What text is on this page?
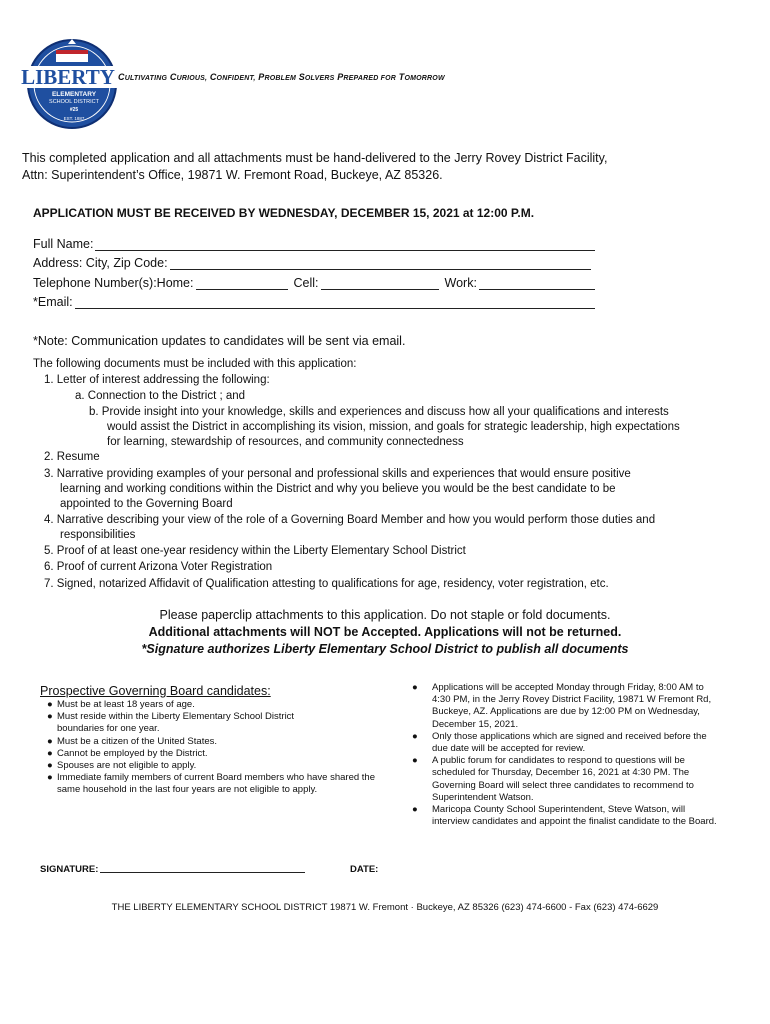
LIBERTY
ELEMENTARY
SCHOOL DISTRICT
#25
EST. 1887
CULTIVATING CURIOUS, CONFIDENT, PROBLEM SOLVERS PREPARED FOR TOMORROW
This completed application and all attachments must be hand-delivered to the Jerry Rovey District Facility,
Attn: Superintendent’s Office, 19871 W. Fremont Road, Buckeye, AZ 85326.
APPLICATION MUST BE RECEIVED BY WEDNESDAY, DECEMBER 15, 2021 at 12:00 P.M.
Full Name:
Address: City, Zip Code:
Telephone Number(s):Home:	Cell:	Work:
*Email:
*Note: Communication updates to candidates will be sent via email.
The following documents must be included with this application:
1. Letter of interest addressing the following:
a. Connection to the District ; and
b. Provide insight into your knowledge, skills and experiences and discuss how all your qualifications and interests
would assist the District in accomplishing its vision, mission, and goals for strategic leadership, high expectations
for learning, stewardship of resources, and community connectedness
2. Resume
3. Narrative providing examples of your personal and professional skills and experiences that would ensure positive
learning and working conditions within the District and why you believe you would be the best candidate to be
appointed to the Governing Board
4. Narrative describing your view of the role of a Governing Board Member and how you would perform those duties and
responsibilities
5. Proof of at least one-year residency within the Liberty Elementary School District
6. Proof of current Arizona Voter Registration
7. Signed, notarized Affidavit of Qualification attesting to qualifications for age, residency, voter registration, etc.
Please paperclip attachments to this application. Do not staple or fold documents.
Additional attachments will NOT be Accepted. Applications will not be returned.
*Signature authorizes Liberty Elementary School District to publish all documents
Prospective Governing Board candidates:
● Must be at least 18 years of age.
● Must reside within the Liberty Elementary School District boundaries for one year.
● Must be a citizen of the United States.
● Cannot be employed by the District.
● Spouses are not eligible to apply.
● Immediate family members of current Board members who have shared the same household in the last four years are not eligible to apply.
● Applications will be accepted Monday through Friday, 8:00 AM to 4:30 PM, in the Jerry Rovey District Facility, 19871 W Fremont Rd, Buckeye, AZ. Applications are due by 12:00 PM on Wednesday, December 15, 2021.
● Only those applications which are signed and received before the due date will be accepted for review.
● A public forum for candidates to respond to questions will be scheduled for Thursday, December 16, 2021 at 4:30 PM. The Governing Board will select three candidates to recommend to Superintendent Watson.
● Maricopa County School Superintendent, Steve Watson, will interview candidates and appoint the finalist candidate to the Board.
SIGNATURE:	DATE:
THE LIBERTY ELEMENTARY SCHOOL DISTRICT 19871 W. Fremont · Buckeye, AZ 85326 (623) 474-6600 - Fax (623) 474-6629
